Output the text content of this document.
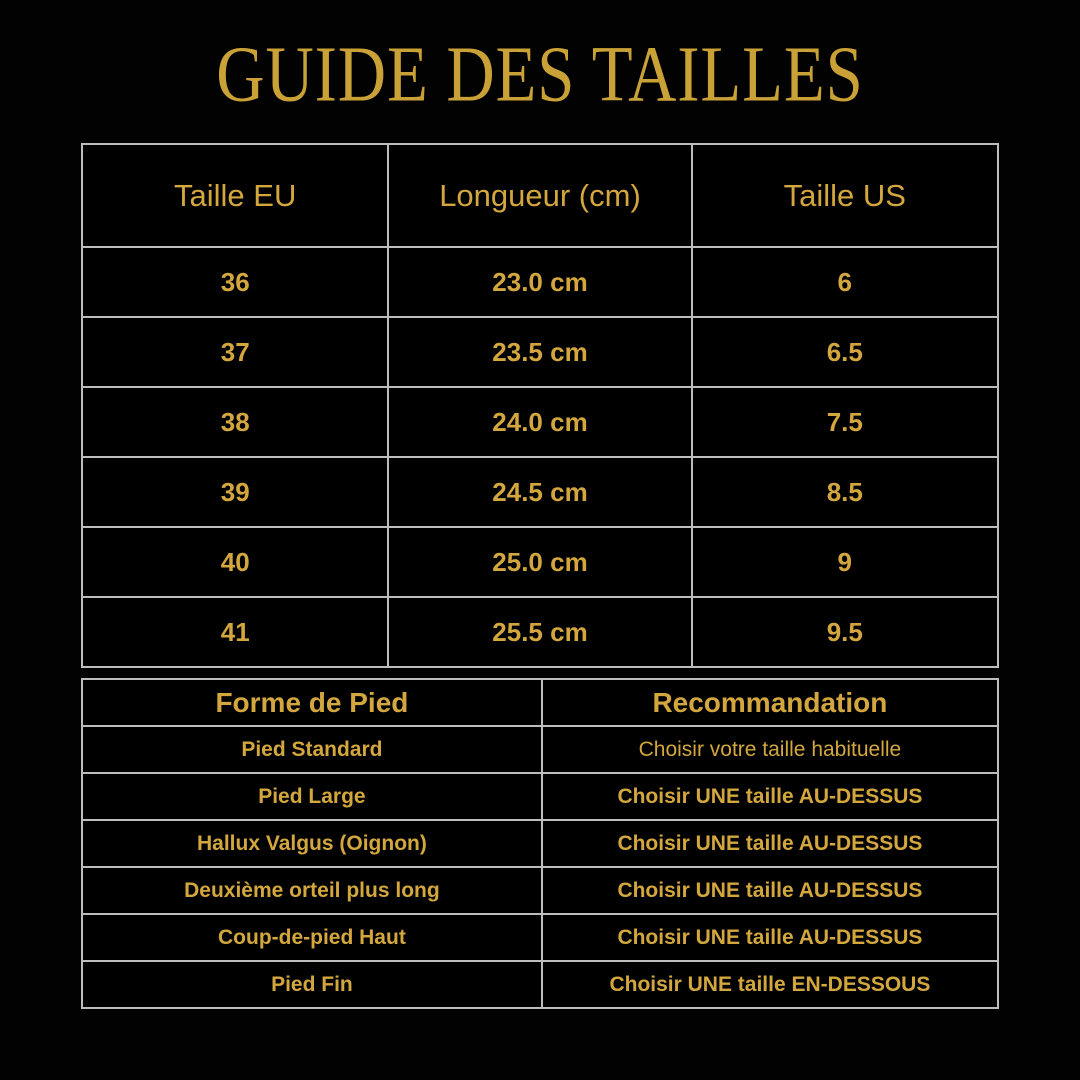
GUIDE DES TAILLES
Taille EU	Longueur (cm)	Taille US
36	23.0 cm	6
37	23.5 cm	6.5
38	24.0 cm	7.5
39	24.5 cm	8.5
40	25.0 cm	9
41	25.5 cm	9.5
Forme de Pied	Recommandation
Pied Standard	Choisir votre taille habituelle
Pied Large	Choisir UNE taille AU-DESSUS
Hallux Valgus (Oignon)	Choisir UNE taille AU-DESSUS
Deuxième orteil plus long	Choisir UNE taille AU-DESSUS
Coup-de-pied Haut	Choisir UNE taille AU-DESSUS
Pied Fin	Choisir UNE taille EN-DESSOUS
